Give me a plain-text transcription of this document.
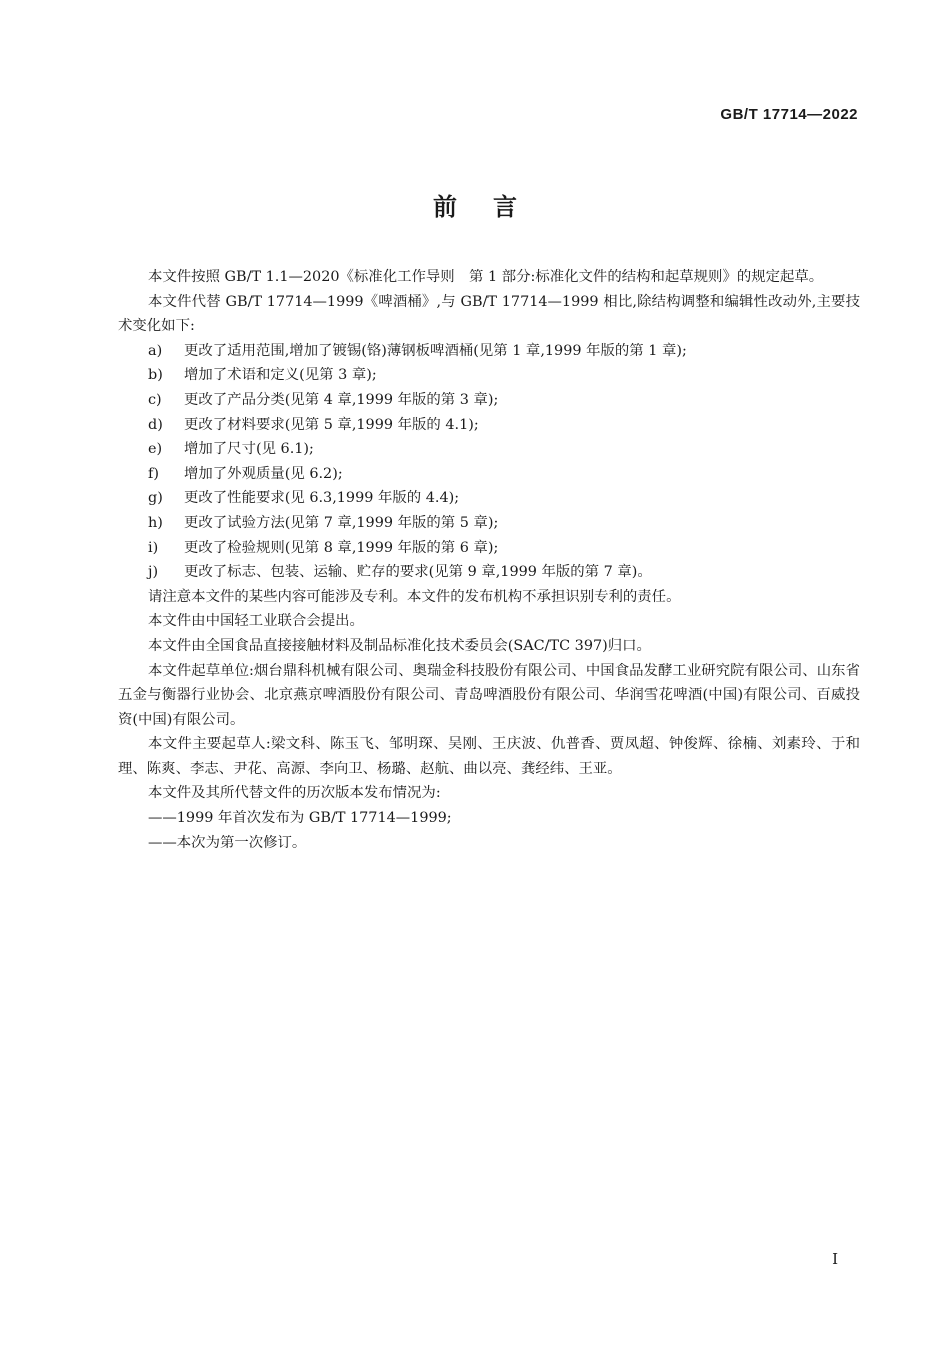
GB/T 17714—2022
前言

本文件按照 GB/T 1.1—2020《标准化工作导则　第 1 部分:标准化文件的结构和起草规则》的规定起草。

本文件代替 GB/T 17714—1999《啤酒桶》,与 GB/T 17714—1999 相比,除结构调整和编辑性改动外,主要技术变化如下:

a) 更改了适用范围,增加了镀锡(铬)薄钢板啤酒桶(见第 1 章,1999 年版的第 1 章);

b) 增加了术语和定义(见第 3 章);

c) 更改了产品分类(见第 4 章,1999 年版的第 3 章);

d) 更改了材料要求(见第 5 章,1999 年版的 4.1);

e) 增加了尺寸(见 6.1);

f) 增加了外观质量(见 6.2);

g) 更改了性能要求(见 6.3,1999 年版的 4.4);

h) 更改了试验方法(见第 7 章,1999 年版的第 5 章);

i) 更改了检验规则(见第 8 章,1999 年版的第 6 章);

j) 更改了标志、包装、运输、贮存的要求(见第 9 章,1999 年版的第 7 章)。

请注意本文件的某些内容可能涉及专利。本文件的发布机构不承担识别专利的责任。

本文件由中国轻工业联合会提出。

本文件由全国食品直接接触材料及制品标准化技术委员会(SAC/TC 397)归口。

本文件起草单位:烟台鼎科机械有限公司、奥瑞金科技股份有限公司、中国食品发酵工业研究院有限公司、山东省五金与衡器行业协会、北京燕京啤酒股份有限公司、青岛啤酒股份有限公司、华润雪花啤酒(中国)有限公司、百威投资(中国)有限公司。

本文件主要起草人:梁文科、陈玉飞、邹明琛、吴刚、王庆波、仇普香、贾凤超、钟俊辉、徐楠、刘素玲、于和理、陈爽、李志、尹花、高源、李向卫、杨璐、赵航、曲以亮、龚经纬、王亚。

本文件及其所代替文件的历次版本发布情况为:

——1999 年首次发布为 GB/T 17714—1999;

——本次为第一次修订。

I
